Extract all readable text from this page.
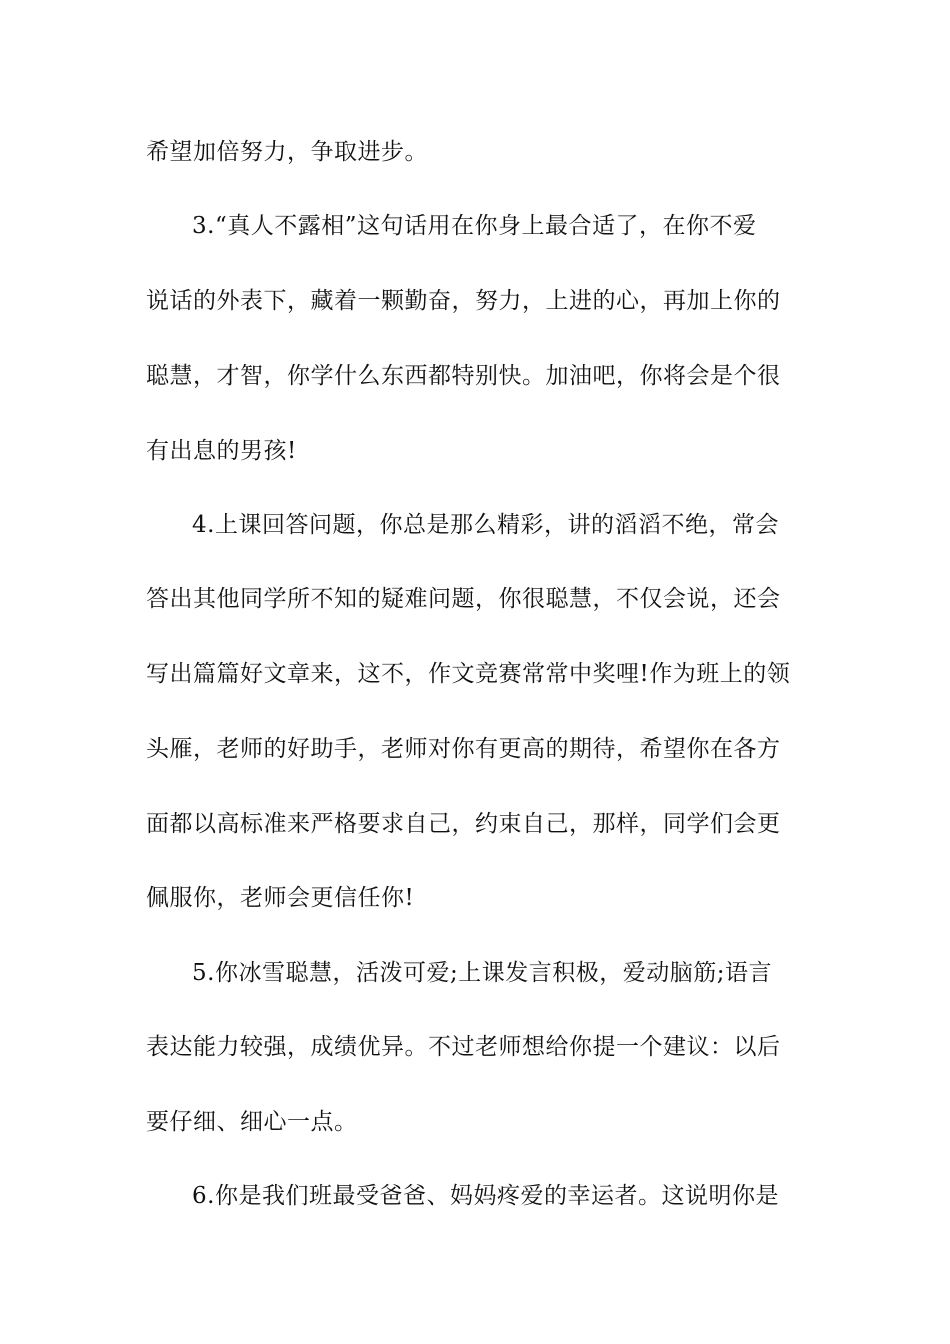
希望加倍努力，争取进步。
3.“真人不露相”这句话用在你身上最合适了，在你不爱
说话的外表下，藏着一颗勤奋，努力，上进的心，再加上你的
聪慧，才智，你学什么东西都特别快。加油吧，你将会是个很
有出息的男孩!
4.上课回答问题，你总是那么精彩，讲的滔滔不绝，常会
答出其他同学所不知的疑难问题，你很聪慧，不仅会说，还会
写出篇篇好文章来，这不，作文竞赛常常中奖哩!作为班上的领
头雁，老师的好助手，老师对你有更高的期待，希望你在各方
面都以高标准来严格要求自己，约束自己，那样，同学们会更
佩服你，老师会更信任你!
5.你冰雪聪慧，活泼可爱;上课发言积极，爱动脑筋;语言
表达能力较强，成绩优异。不过老师想给你提一个建议：以后
要仔细、细心一点。
6.你是我们班最受爸爸、妈妈疼爱的幸运者。这说明你是
